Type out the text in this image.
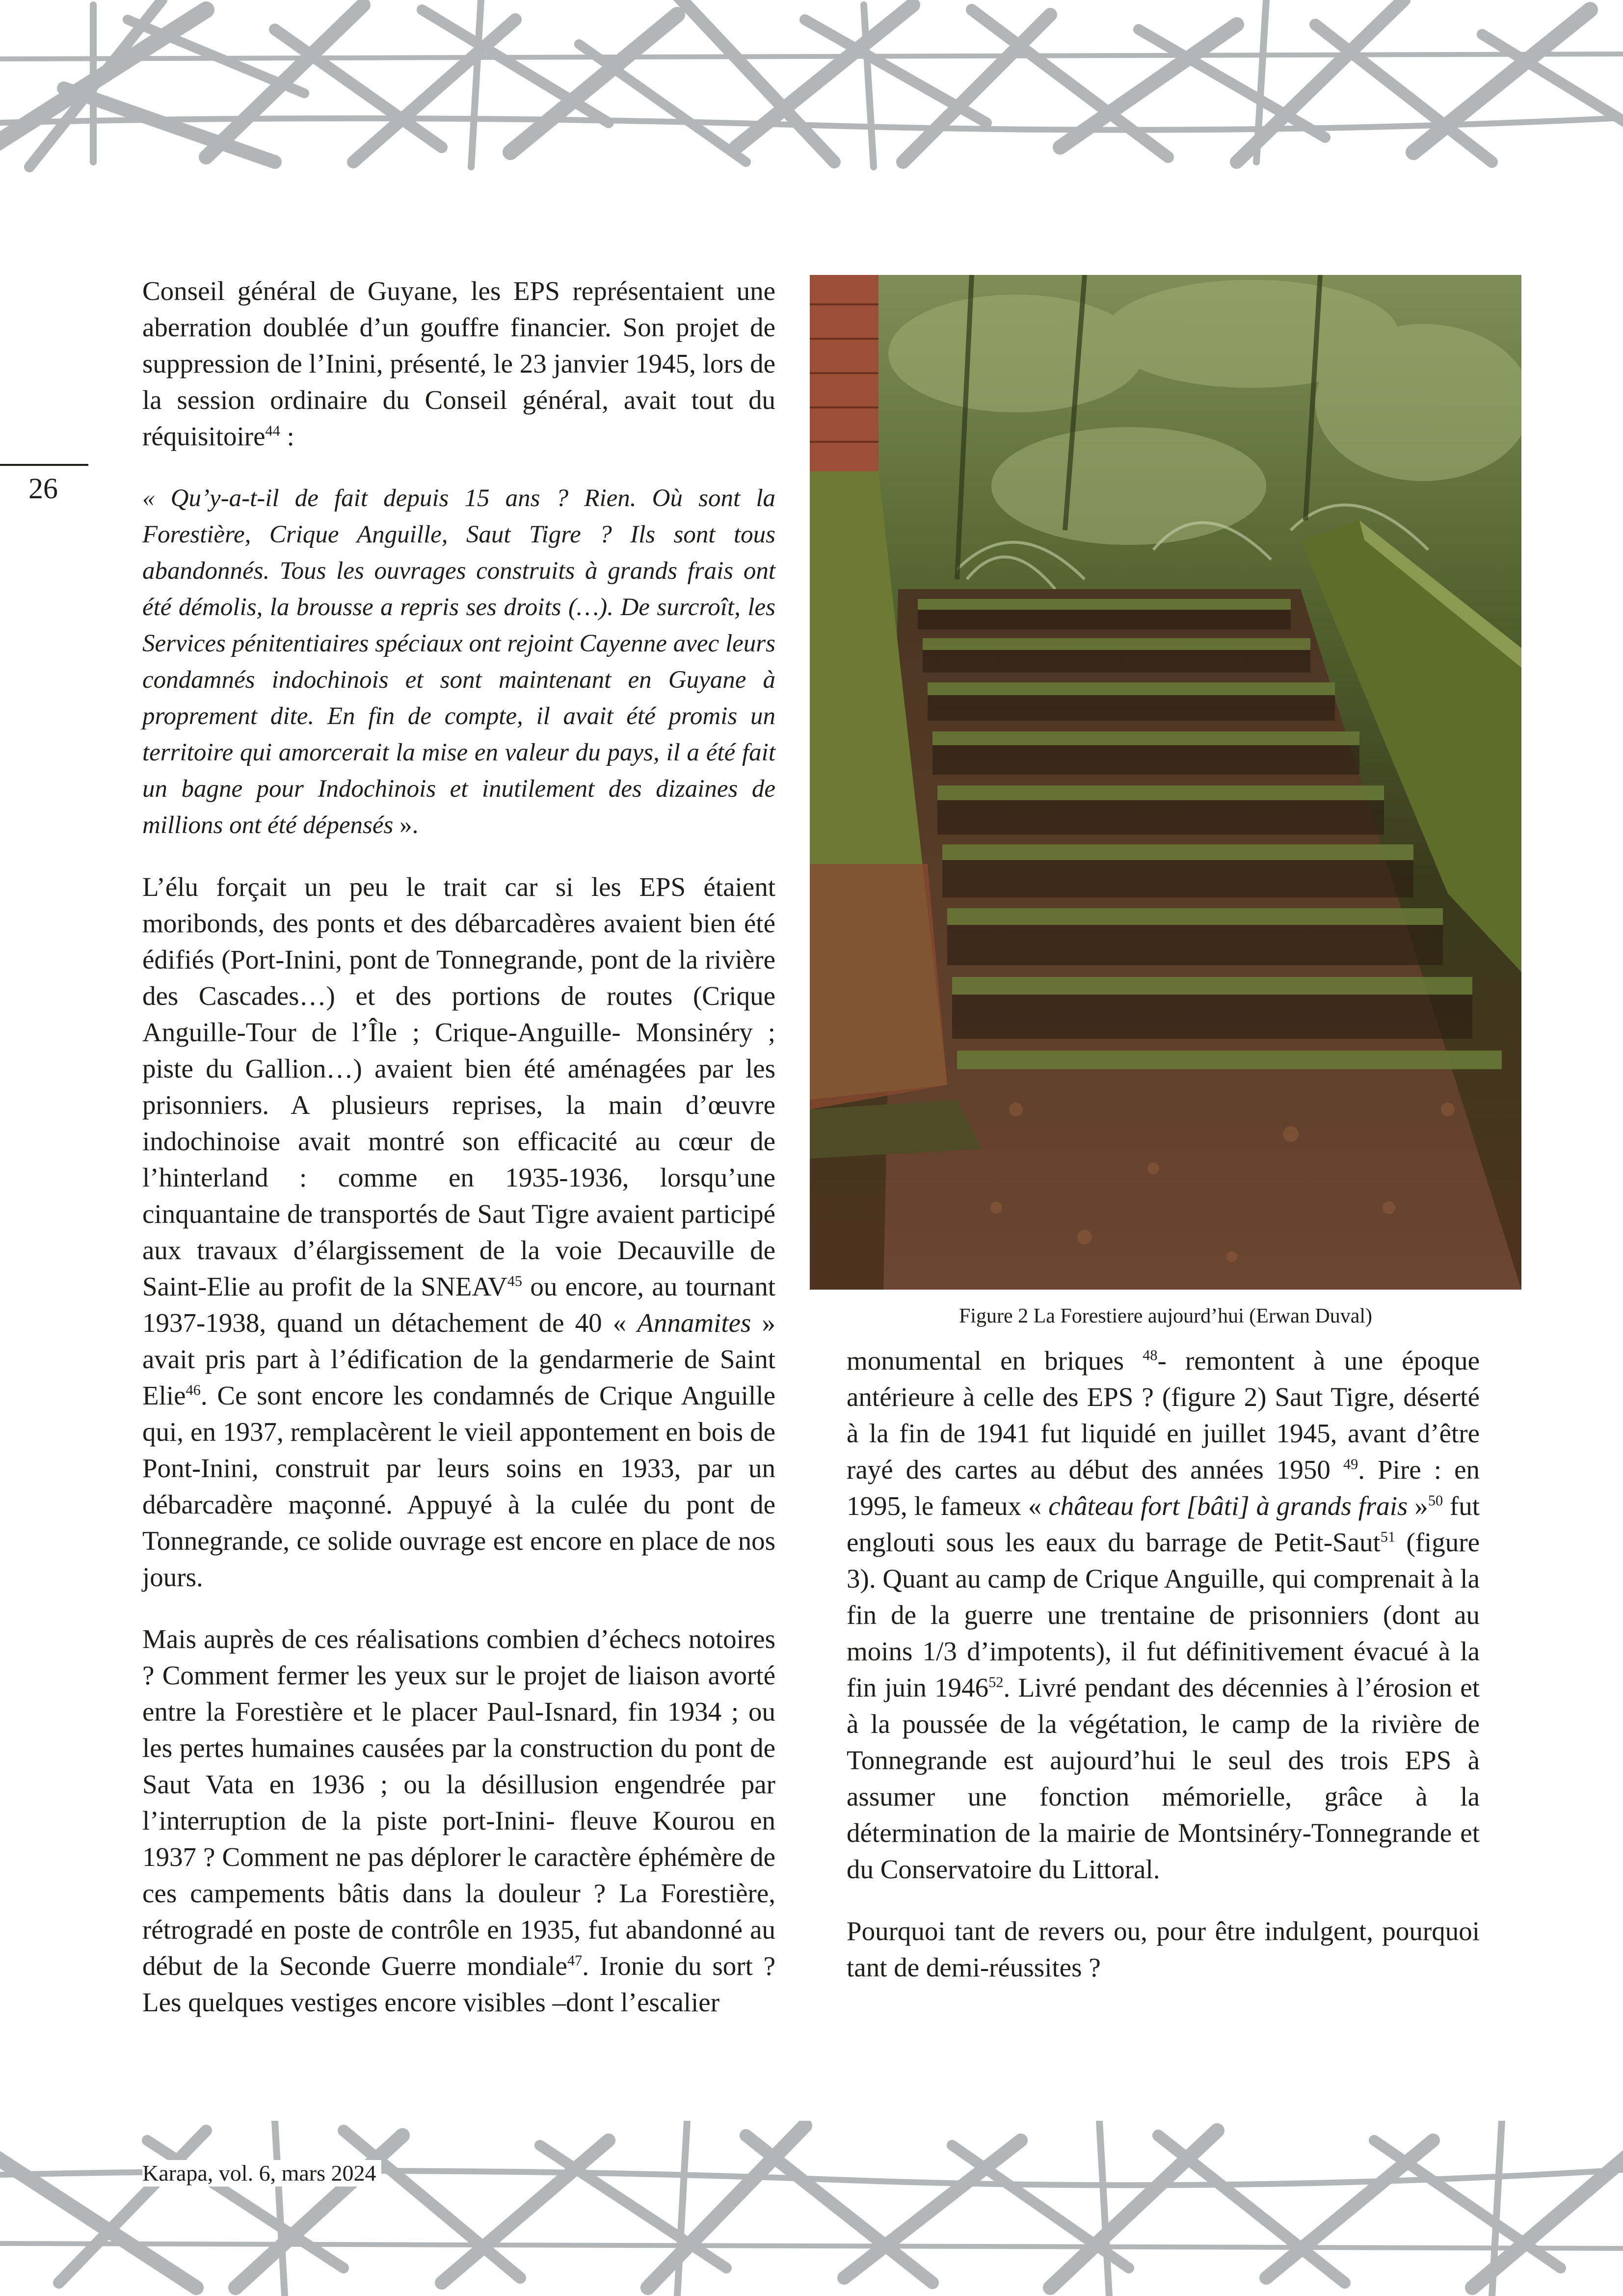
26

Conseil général de Guyane, les EPS représentaient une aberration doublée d’un gouffre financier. Son projet de suppression de l’Inini, présenté, le 23 janvier 1945, lors de la session ordinaire du Conseil général, avait tout du réquisitoire$^{44}$ :

« Qu’y-a-t-il de fait depuis 15 ans ? Rien. Où sont la Forestière, Crique Anguille, Saut Tigre ? Ils sont tous abandonnés. Tous les ouvrages construits à grands frais ont été démolis, la brousse a repris ses droits (…). De surcroît, les Services pénitentiaires spéciaux ont rejoint Cayenne avec leurs condamnés indochinois et sont maintenant en Guyane à proprement dite. En fin de compte, il avait été promis un territoire qui amorcerait la mise en valeur du pays, il a été fait un bagne pour Indochinois et inutilement des dizaines de millions ont été dépensés ».

L’élu forçait un peu le trait car si les EPS étaient moribonds, des ponts et des débarcadères avaient bien été édifiés (Port-Inini, pont de Tonnegrande, pont de la rivière des Cascades…) et des portions de routes (Crique Anguille-Tour de l’Île ; Crique-Anguille- Monsinéry ; piste du Gallion…) avaient bien été aménagées par les prisonniers. A plusieurs reprises, la main d’œuvre indochinoise avait montré son efficacité au cœur de l’hinterland : comme en 1935-1936, lorsqu’une cinquantaine de transportés de Saut Tigre avaient participé aux travaux d’élargissement de la voie Decauville de Saint-Elie au profit de la SNEAV$^{45}$ ou encore, au tournant 1937-1938, quand un détachement de 40 « Annamites » avait pris part à l’édification de la gendarmerie de Saint Elie$^{46}$. Ce sont encore les condamnés de Crique Anguille qui, en 1937, remplacèrent le vieil appontement en bois de Pont-Inini, construit par leurs soins en 1933, par un débarcadère maçonné. Appuyé à la culée du pont de Tonnegrande, ce solide ouvrage est encore en place de nos jours.

Mais auprès de ces réalisations combien d’échecs notoires ? Comment fermer les yeux sur le projet de liaison avorté entre la Forestière et le placer Paul-Isnard, fin 1934 ; ou les pertes humaines causées par la construction du pont de Saut Vata en 1936 ; ou la désillusion engendrée par l’interruption de la piste port-Inini- fleuve Kourou en 1937 ? Comment ne pas déplorer le caractère éphémère de ces campements bâtis dans la douleur ? La Forestière, rétrogradé en poste de contrôle en 1935, fut abandonné au début de la Seconde Guerre mondiale$^{47}$. Ironie du sort ? Les quelques vestiges encore visibles –dont l’escalier

Figure 2 La Forestiere aujourd’hui (Erwan Duval)

monumental en briques $^{48}$- remontent à une époque antérieure à celle des EPS ? (figure 2) Saut Tigre, déserté à la fin de 1941 fut liquidé en juillet 1945, avant d’être rayé des cartes au début des années 1950 $^{49}$. Pire : en 1995, le fameux « château fort [bâti] à grands frais »$^{50}$ fut englouti sous les eaux du barrage de Petit-Saut$^{51}$ (figure 3). Quant au camp de Crique Anguille, qui comprenait à la fin de la guerre une trentaine de prisonniers (dont au moins 1/3 d’impotents), il fut définitivement évacué à la fin juin 1946$^{52}$. Livré pendant des décennies à l’érosion et à la poussée de la végétation, le camp de la rivière de Tonnegrande est aujourd’hui le seul des trois EPS à assumer une fonction mémorielle, grâce à la détermination de la mairie de Montsinéry-Tonnegrande et du Conservatoire du Littoral.

Pourquoi tant de revers ou, pour être indulgent, pourquoi tant de demi-réussites ?

Karapa, vol. 6, mars 2024
